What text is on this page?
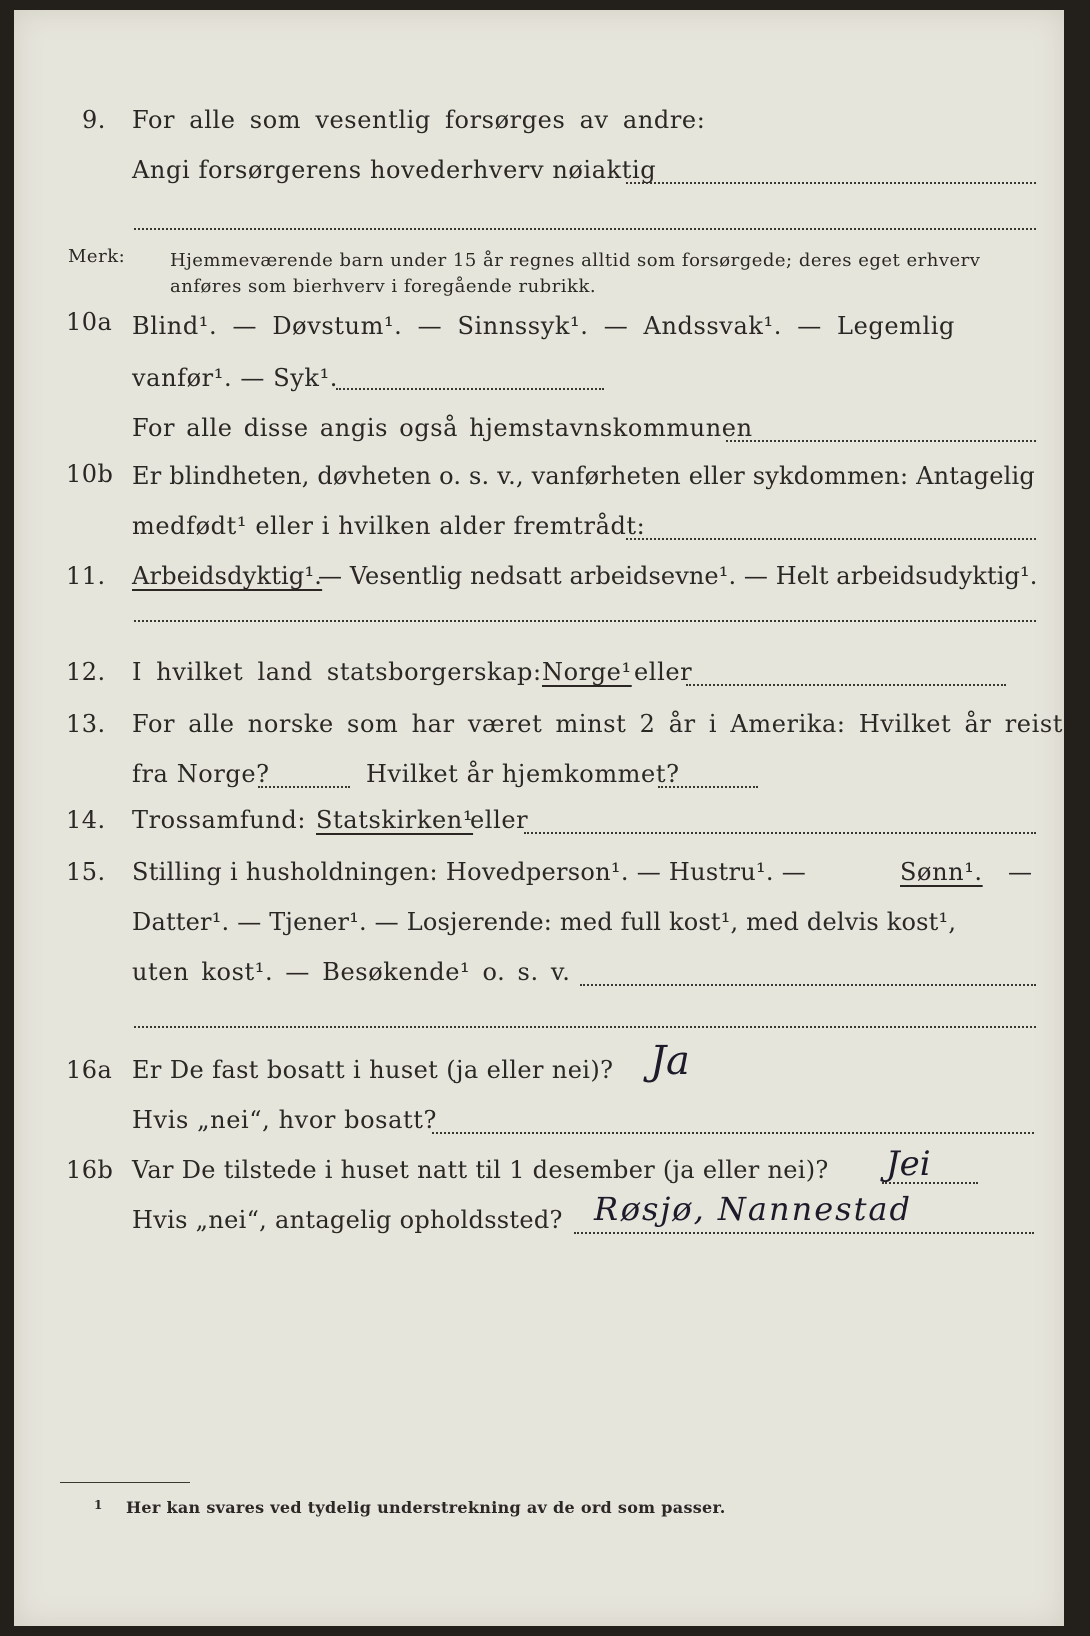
9. For alle som vesentlig forsørges av andre:
Angi forsørgerens hovederhverv nøiaktig
Merk: Hjemmeværende barn under 15 år regnes alltid som forsørgede; deres eget erhverv
anføres som bierhverv i foregående rubrikk.
10a Blind¹. — Døvstum¹. — Sinnssyk¹. — Andssvak¹. — Legemlig
vanfør¹. — Syk¹.
For alle disse angis også hjemstavnskommunen
10b Er blindheten, døvheten o. s. v., vanførheten eller sykdommen: Antagelig
medfødt¹ eller i hvilken alder fremtrådt:
11. Arbeidsdyktig¹.
— Vesentlig nedsatt arbeidsevne¹. — Helt arbeidsudyktig¹.
12. I hvilket land statsborgerskap: Norge¹ eller
13. For alle norske som har været minst 2 år i Amerika: Hvilket år reist
fra Norge?	Hvilket år hjemkommet?
14. Trossamfund: Statskirken¹
eller
15. Stilling i husholdningen: Hovedperson¹. — Hustru¹. —	Sønn¹. —
Datter¹. — Tjener¹. — Losjerende: med full kost¹, med delvis kost¹,
uten kost¹. — Besøkende¹ o. s. v.
16a Er De fast bosatt i huset (ja eller nei)? Ja
Hvis „nei“, hvor bosatt?
16b Var De tilstede i huset natt til 1 desember (ja eller nei)? Jei
Hvis „nei“, antagelig opholdssted? Røsjø, Nannestad
1 Her kan svares ved tydelig understrekning av de ord som passer.
